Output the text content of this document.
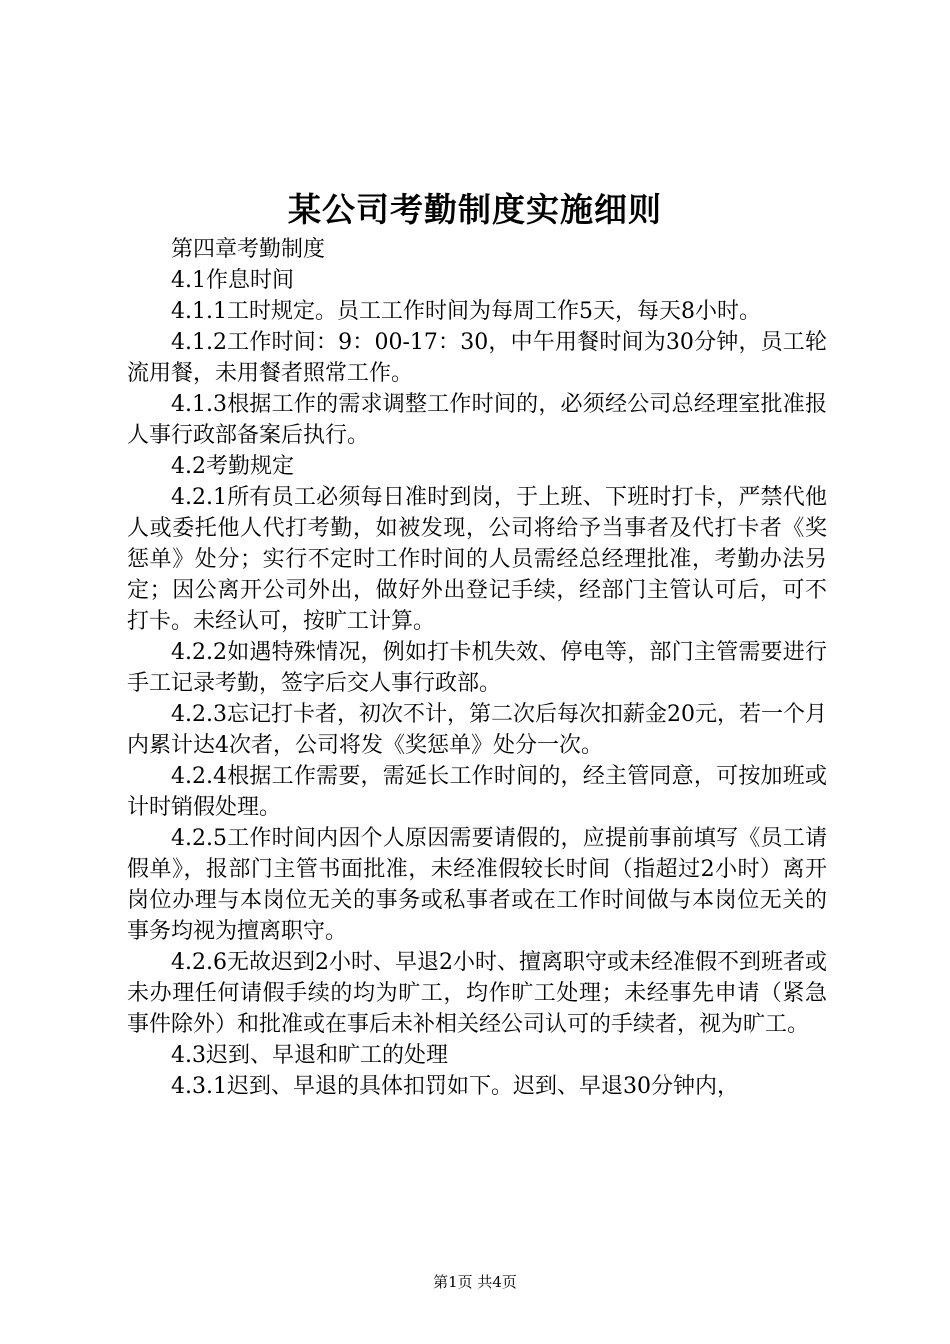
某公司考勤制度实施细则

第四章考勤制度

4.1作息时间

4.1.1工时规定。员工工作时间为每周工作5天，每天8小时。

4.1.2工作时间：9：00-17：30，中午用餐时间为30分钟，员工轮流用餐，未用餐者照常工作。

4.1.3根据工作的需求调整工作时间的，必须经公司总经理室批准报人事行政部备案后执行。

4.2考勤规定

4.2.1所有员工必须每日准时到岗，于上班、下班时打卡，严禁代他人或委托他人代打考勤，如被发现，公司将给予当事者及代打卡者《奖惩单》处分；实行不定时工作时间的人员需经总经理批准，考勤办法另定；因公离开公司外出，做好外出登记手续，经部门主管认可后，可不打卡。未经认可，按旷工计算。

4.2.2如遇特殊情况，例如打卡机失效、停电等，部门主管需要进行手工记录考勤，签字后交人事行政部。

4.2.3忘记打卡者，初次不计，第二次后每次扣薪金20元，若一个月内累计达4次者，公司将发《奖惩单》处分一次。

4.2.4根据工作需要，需延长工作时间的，经主管同意，可按加班或计时销假处理。

4.2.5工作时间内因个人原因需要请假的，应提前事前填写《员工请假单》，报部门主管书面批准，未经准假较长时间（指超过2小时）离开岗位办理与本岗位无关的事务或私事者或在工作时间做与本岗位无关的事务均视为擅离职守。

4.2.6无故迟到2小时、早退2小时、擅离职守或未经准假不到班者或未办理任何请假手续的均为旷工，均作旷工处理；未经事先申请（紧急事件除外）和批准或在事后未补相关经公司认可的手续者，视为旷工。

4.3迟到、早退和旷工的处理

4.3.1迟到、早退的具体扣罚如下。迟到、早退30分钟内，

第1页 共4页
